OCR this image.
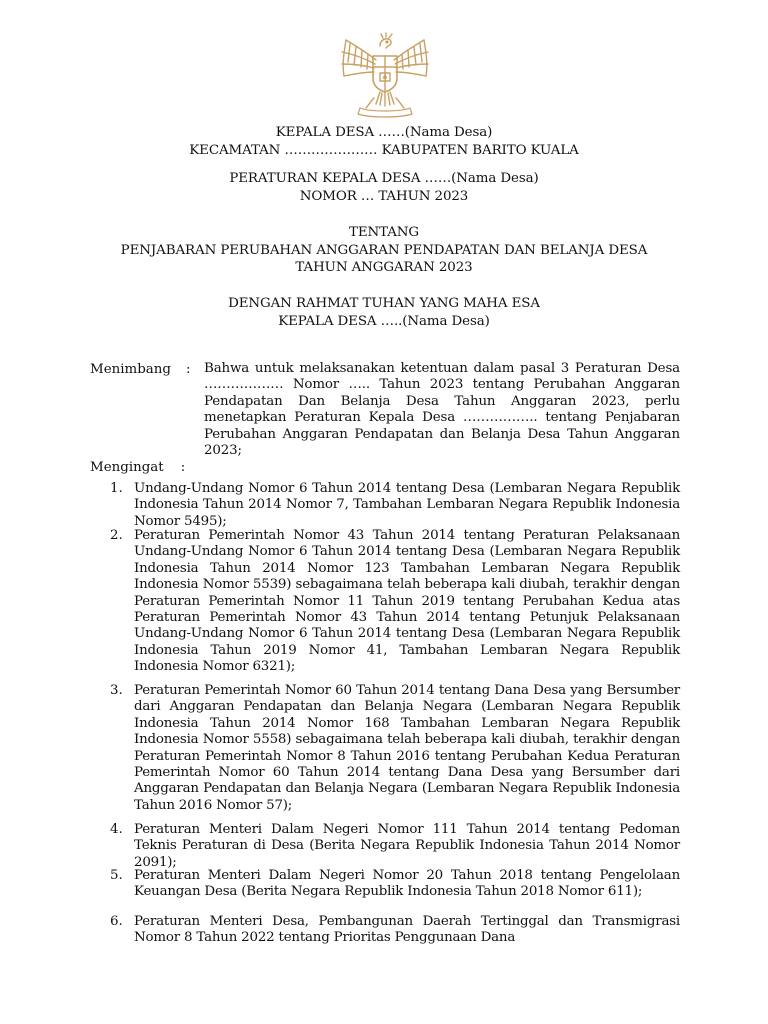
KEPALA DESA ……(Nama Desa)
KECAMATAN ………………… KABUPATEN BARITO KUALA
PERATURAN KEPALA DESA ……(Nama Desa)
NOMOR … TAHUN 2023
TENTANG
PENJABARAN PERUBAHAN ANGGARAN PENDAPATAN DAN BELANJA DESA
TAHUN ANGGARAN 2023
DENGAN RAHMAT TUHAN YANG MAHA ESA
KEPALA DESA …..(Nama Desa)
Menimbang : Bahwa untuk melaksanakan ketentuan dalam pasal 3 Peraturan Desa ……………… Nomor ….. Tahun 2023 tentang Perubahan Anggaran Pendapatan Dan Belanja Desa Tahun Anggaran 2023, perlu menetapkan Peraturan Kepala Desa …………….. tentang Penjabaran Perubahan Anggaran Pendapatan dan Belanja Desa Tahun Anggaran 2023;
Mengingat    :
1. Undang-Undang Nomor 6 Tahun 2014 tentang Desa (Lembaran Negara Republik Indonesia Tahun 2014 Nomor 7, Tambahan Lembaran Negara Republik Indonesia Nomor 5495);
2. Peraturan Pemerintah Nomor 43 Tahun 2014 tentang Peraturan Pelaksanaan Undang-Undang Nomor 6 Tahun 2014 tentang Desa (Lembaran Negara Republik Indonesia Tahun 2014 Nomor 123 Tambahan Lembaran Negara Republik Indonesia Nomor 5539) sebagaimana telah beberapa kali diubah, terakhir dengan Peraturan Pemerintah Nomor 11 Tahun 2019 tentang Perubahan Kedua atas Peraturan Pemerintah Nomor 43 Tahun 2014 tentang Petunjuk Pelaksanaan Undang-Undang Nomor 6 Tahun 2014 tentang Desa (Lembaran Negara Republik Indonesia Tahun 2019 Nomor 41, Tambahan Lembaran Negara Republik Indonesia Nomor 6321);
3. Peraturan Pemerintah Nomor 60 Tahun 2014 tentang Dana Desa yang Bersumber dari Anggaran Pendapatan dan Belanja Negara (Lembaran Negara Republik Indonesia Tahun 2014 Nomor 168 Tambahan Lembaran Negara Republik Indonesia Nomor 5558) sebagaimana telah beberapa kali diubah, terakhir dengan Peraturan Pemerintah Nomor 8 Tahun 2016 tentang Perubahan Kedua Peraturan Pemerintah Nomor 60 Tahun 2014 tentang Dana Desa yang Bersumber dari Anggaran Pendapatan dan Belanja Negara (Lembaran Negara Republik Indonesia Tahun 2016 Nomor 57);
4. Peraturan Menteri Dalam Negeri Nomor 111 Tahun 2014 tentang Pedoman Teknis Peraturan di Desa (Berita Negara Republik Indonesia Tahun 2014 Nomor 2091);
5. Peraturan Menteri Dalam Negeri Nomor 20 Tahun 2018 tentang Pengelolaan Keuangan Desa (Berita Negara Republik Indonesia Tahun 2018 Nomor 611);
6. Peraturan Menteri Desa, Pembangunan Daerah Tertinggal dan Transmigrasi Nomor 8 Tahun 2022 tentang Prioritas Penggunaan Dana
